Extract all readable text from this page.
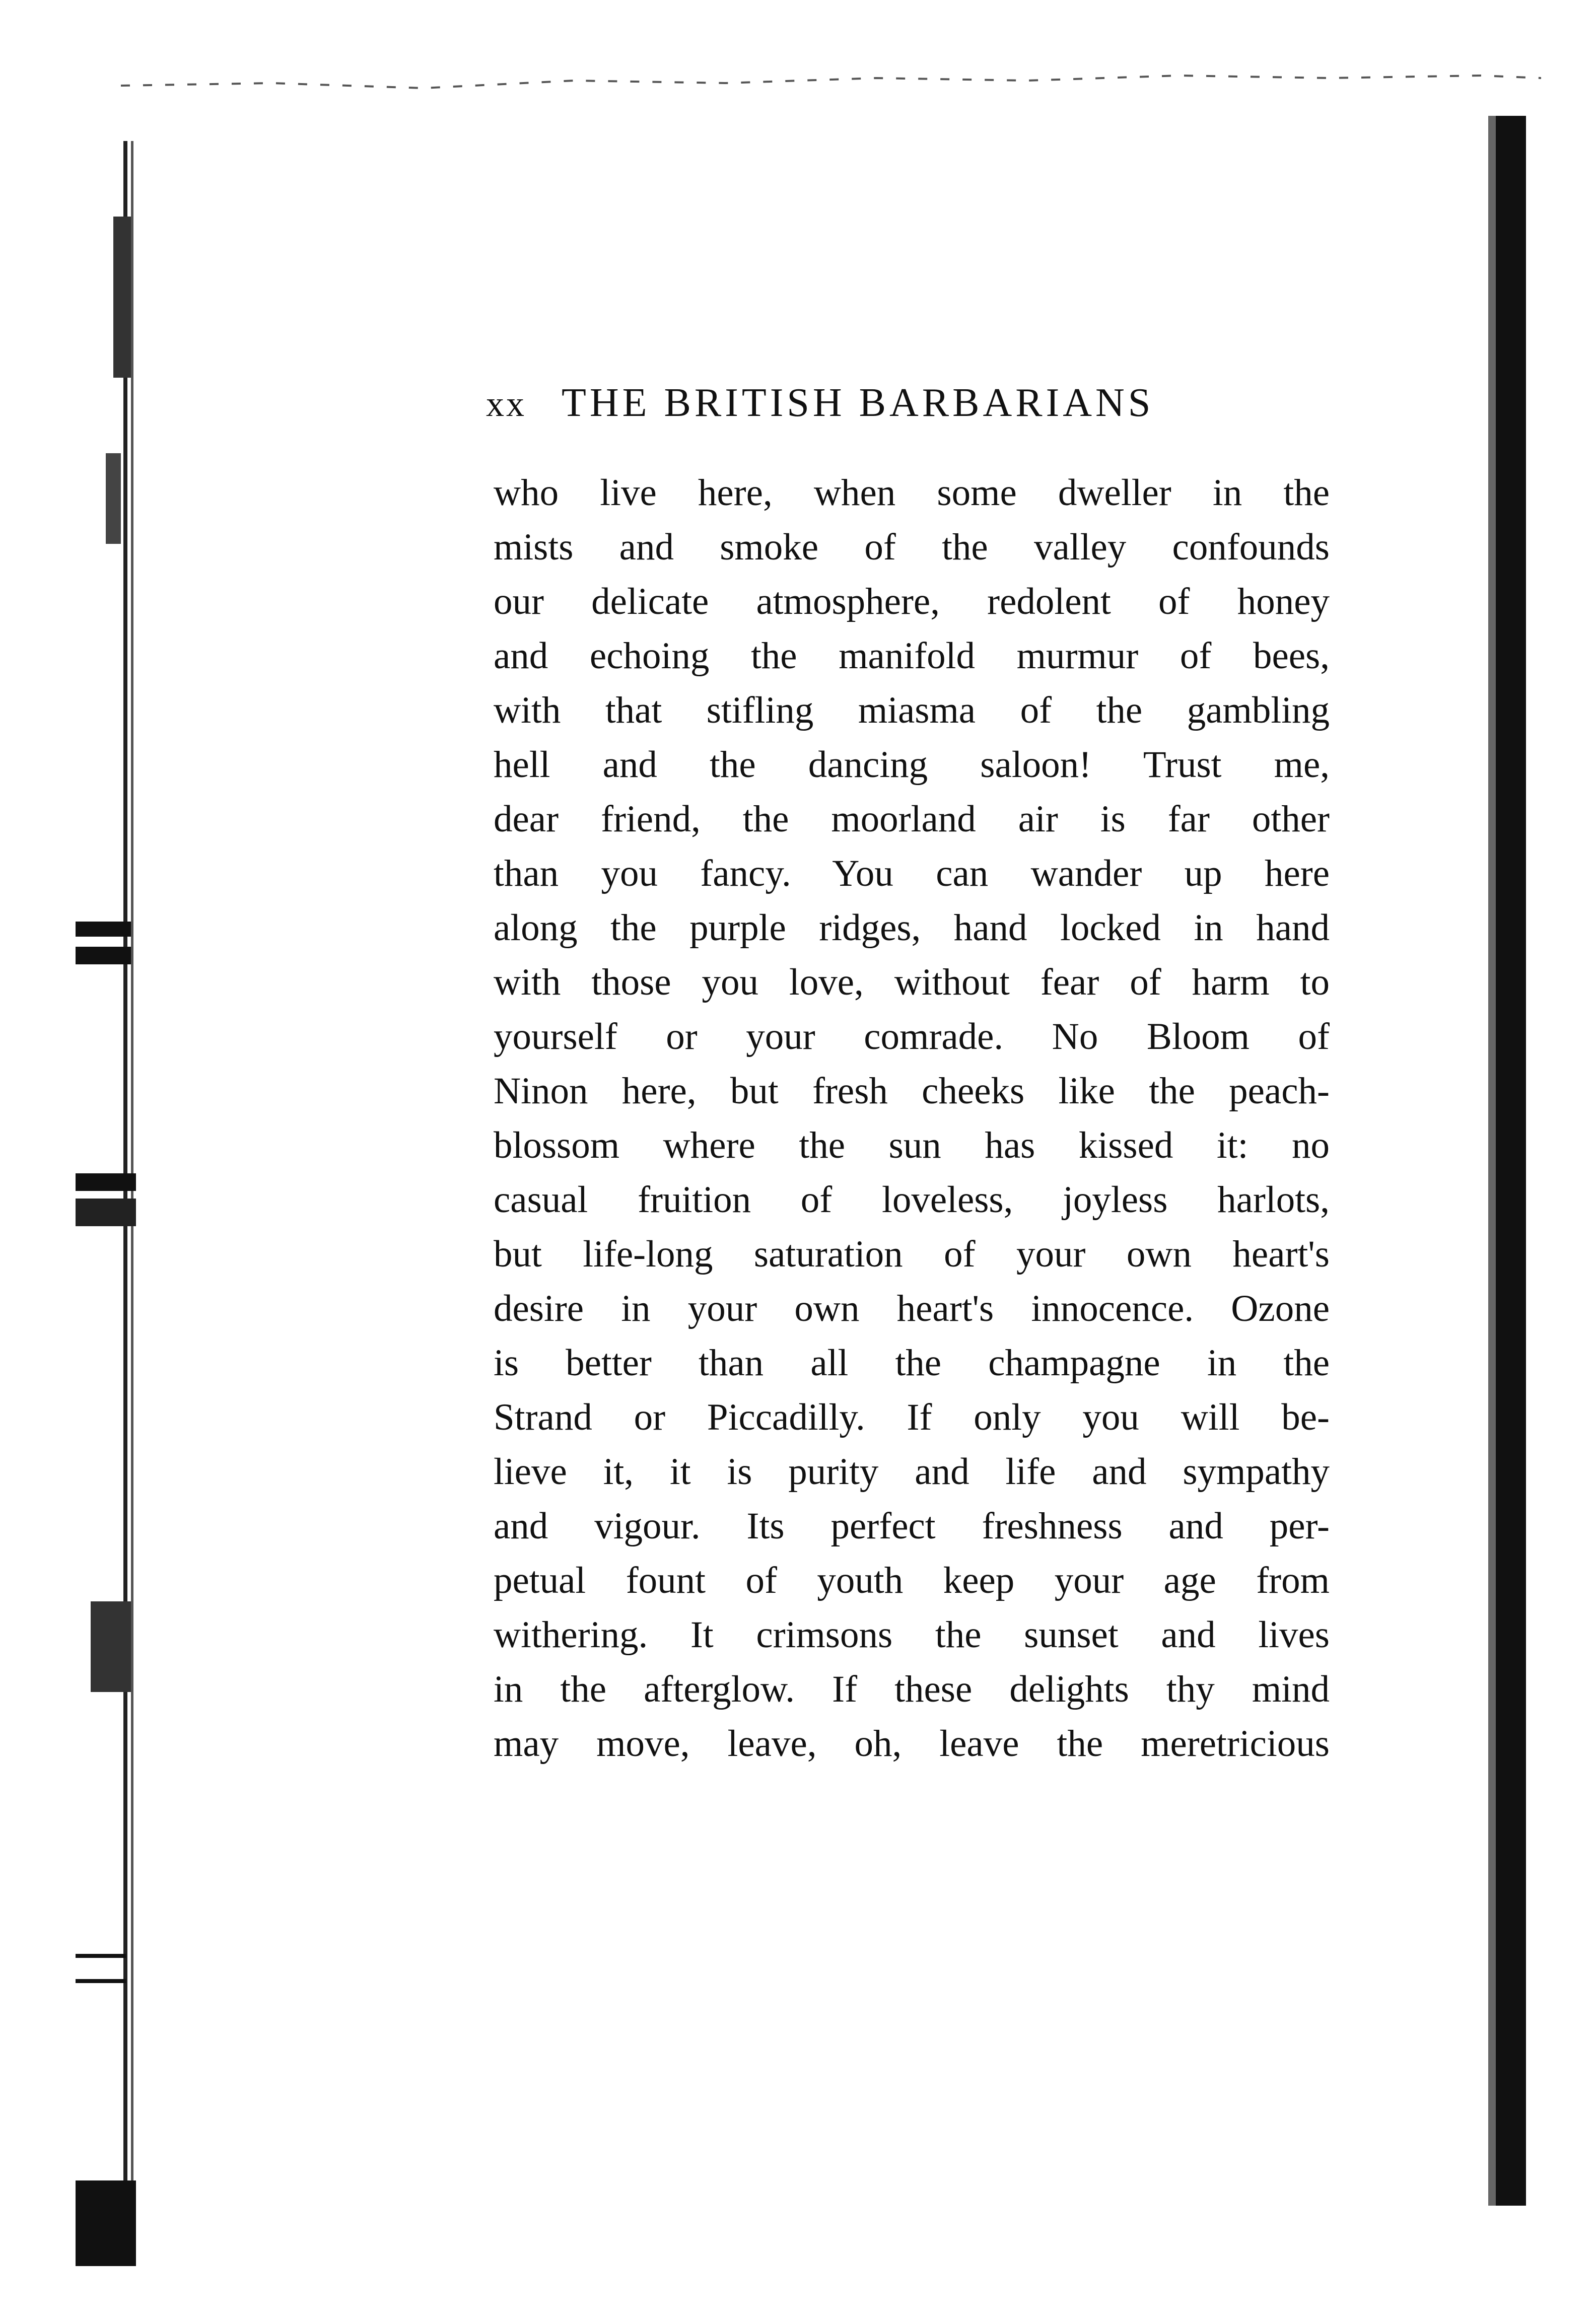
xx THE BRITISH BARBARIANS
who live here, when some dweller in the
mists and smoke of the valley confounds
our delicate atmosphere, redolent of honey
and echoing the manifold murmur of bees,
with that stifling miasma of the gambling
hell and the dancing saloon! Trust me,
dear friend, the moorland air is far other
than you fancy. You can wander up here
along the purple ridges, hand locked in hand
with those you love, without fear of harm to
yourself or your comrade. No Bloom of
Ninon here, but fresh cheeks like the peach-
blossom where the sun has kissed it: no
casual fruition of loveless, joyless harlots,
but life-long saturation of your own heart's
desire in your own heart's innocence. Ozone
is better than all the champagne in the
Strand or Piccadilly. If only you will be-
lieve it, it is purity and life and sympathy
and vigour. Its perfect freshness and per-
petual fount of youth keep your age from
withering. It crimsons the sunset and lives
in the afterglow. If these delights thy mind
may move, leave, oh, leave the meretricious
